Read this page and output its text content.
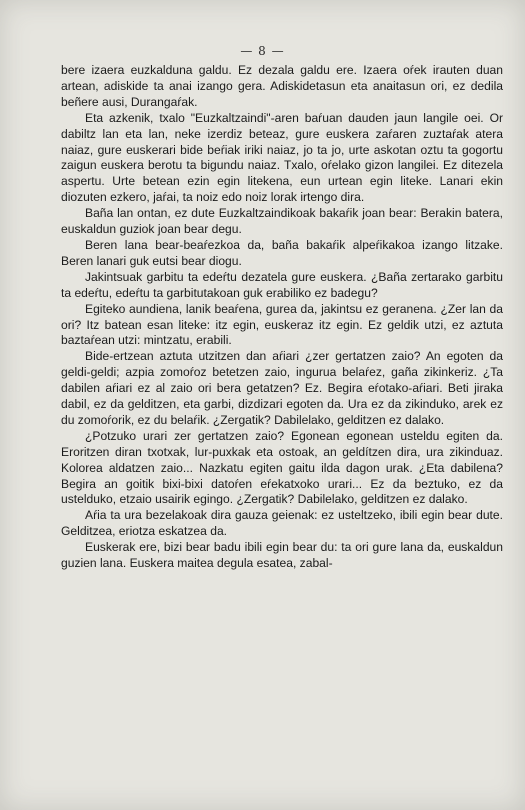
— 8 —

bere izaera euzkalduna galdu. Ez dezala galdu ere. Izaera oŕek irauten duan artean, adiskide ta anai izango gera. Adiskidetasun eta anaitasun ori, ez dedila beñere ausi, Durangaŕak.

Eta azkenik, txalo "Euzkaltzaindi"-aren baŕuan dauden jaun langile oei. Or dabiltz lan eta lan, neke izerdiz beteaz, gure euskera zaŕaren zuztaŕak atera naiaz, gure euskerari bide beŕiak iriki naiaz, jo ta jo, urte askotan oztu ta gogortu zaigun euskera berotu ta bigundu naiaz. Txalo, oŕelako gizon langilei. Ez ditezela aspertu. Urte betean ezin egin litekena, eun urtean egin liteke. Lanari ekin diozuten ezkero, jaŕai, ta noiz edo noiz lorak irtengo dira.

Baña lan ontan, ez dute Euzkaltzaindikoak bakaŕik joan bear: Berakin batera, euskaldun guziok joan bear degu.

Beren lana bear-beaŕezkoa da, baña bakaŕik alpeŕikakoa izango litzake. Beren lanari guk eutsi bear diogu.

Jakintsuak garbitu ta edeŕtu dezatela gure euskera. ¿Baña zertarako garbitu ta edeŕtu, edeŕtu ta garbitutakoan guk erabiliko ez badegu?

Egiteko aundiena, lanik beaŕena, gurea da, jakintsu ez geranena. ¿Zer lan da ori? Itz batean esan liteke: itz egin, euskeraz itz egin. Ez geldik utzi, ez aztuta baztaŕean utzi: mintzatu, erabili.

Bide-ertzean aztuta utzitzen dan aŕiari ¿zer gertatzen zaio? An egoten da geldi-geldi; azpia zomoŕoz betetzen zaio, ingurua belaŕez, gaña zikinkeriz. ¿Ta dabilen aŕiari ez al zaio ori bera getatzen? Ez. Begira eŕotako-aŕiari. Beti jiraka dabil, ez da gelditzen, eta garbi, dizdizari egoten da. Ura ez da zikinduko, arek ez du zomoŕorik, ez du belaŕik. ¿Zergatik? Dabilelako, gelditzen ez dalako.

¿Potzuko urari zer gertatzen zaio? Egonean egonean usteldu egiten da. Eroritzen diran txotxak, lur-puxkak eta ostoak, an geldítzen dira, ura zikinduaz. Kolorea aldatzen zaio... Nazkatu egiten gaitu ilda dagon urak. ¿Eta dabilena? Begira an goitik bixi-bixi datoŕen eŕekatxoko urari... Ez da beztuko, ez da ustelduko, etzaio usairik egingo. ¿Zergatik? Dabilelako, gelditzen ez dalako.

Aŕia ta ura bezelakoak dira gauza geienak: ez usteltzeko, ibili egin bear dute. Gelditzea, eriotza eskatzea da.

Euskerak ere, bizi bear badu ibili egin bear du: ta ori gure lana da, euskaldun guzien lana. Euskera maitea degula esatea, zabal-
